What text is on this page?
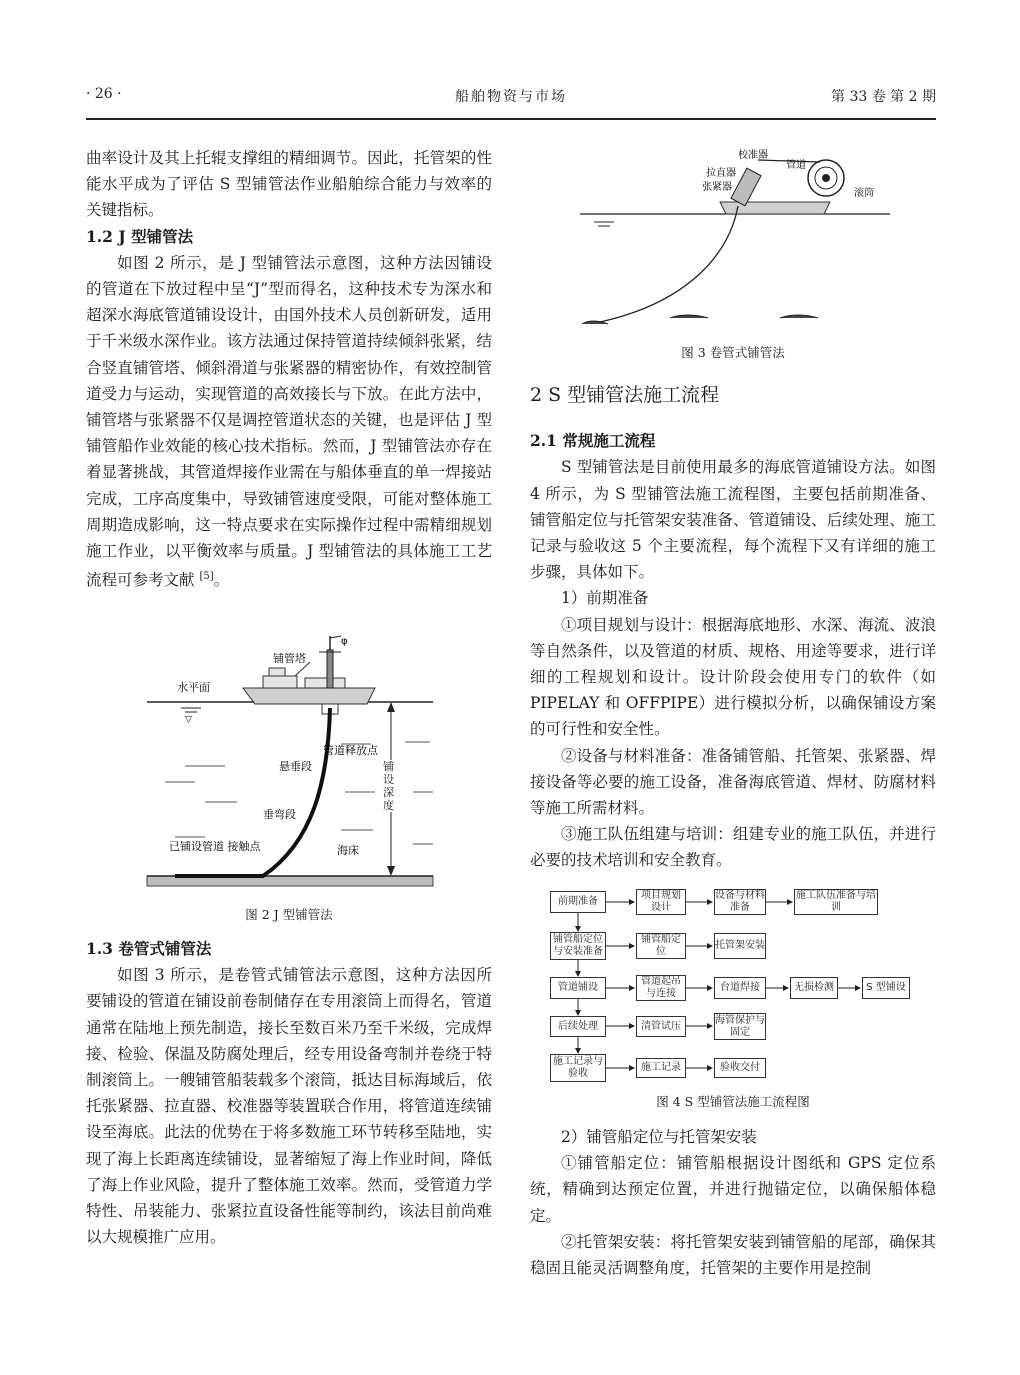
· 26 ·	船舶物资与市场	第 33 卷 第 2 期

曲率设计及其上托辊支撑组的精细调节。因此，托管架的性能水平成为了评估 S 型铺管法作业船舶综合能力与效率的关键指标。

1.2 J 型铺管法

如图 2 所示，是 J 型铺管法示意图，这种方法因铺设的管道在下放过程中呈“J”型而得名，这种技术专为深水和超深水海底管道铺设设计，由国外技术人员创新研发，适用于千米级水深作业。该方法通过保持管道持续倾斜张紧，结合竖直铺管塔、倾斜滑道与张紧器的精密协作，有效控制管道受力与运动，实现管道的高效接长与下放。在此方法中，铺管塔与张紧器不仅是调控管道状态的关键，也是评估 J 型铺管船作业效能的核心技术指标。然而，J 型铺管法亦存在着显著挑战，其管道焊接作业需在与船体垂直的单一焊接站完成，工序高度集中，导致铺管速度受限，可能对整体施工周期造成影响，这一特点要求在实际操作过程中需精细规划施工作业，以平衡效率与质量。J 型铺管法的具体施工工艺流程可参考文献 [5]。

▽
铺管塔
水平面
φ
管道释放点
悬垂段
垂弯段
已铺设管道 接触点	海床
铺设深度
图 2 J 型铺管法

1.3 卷管式铺管法

如图 3 所示，是卷管式铺管法示意图，这种方法因所要铺设的管道在铺设前卷制储存在专用滚筒上而得名，管道通常在陆地上预先制造，接长至数百米乃至千米级，完成焊接、检验、保温及防腐处理后，经专用设备弯制并卷绕于特制滚筒上。一艘铺管船装载多个滚筒，抵达目标海域后，依托张紧器、拉直器、校准器等装置联合作用，将管道连续铺设至海底。此法的优势在于将多数施工环节转移至陆地，实现了海上长距离连续铺设，显著缩短了海上作业时间，降低了海上作业风险，提升了整体施工效率。然而，受管道力学特性、吊装能力、张紧拉直设备性能等制约，该法目前尚难以大规模推广应用。

校准器
管道
拉直器
张紧器
滚筒
图 3 卷管式铺管法

2 S 型铺管法施工流程

2.1 常规施工流程

S 型铺管法是目前使用最多的海底管道铺设方法。如图 4 所示，为 S 型铺管法施工流程图，主要包括前期准备、铺管船定位与托管架安装准备、管道铺设、后续处理、施工记录与验收这 5 个主要流程，每个流程下又有详细的施工步骤，具体如下。

1）前期准备

①项目规划与设计：根据海底地形、水深、海流、波浪等自然条件，以及管道的材质、规格、用途等要求，进行详细的工程规划和设计。设计阶段会使用专门的软件（如 PIPELAY 和 OFFPIPE）进行模拟分析，以确保铺设方案的可行性和安全性。

②设备与材料准备：准备铺管船、托管架、张紧器、焊接设备等必要的施工设备，准备海底管道、焊材、防腐材料等施工所需材料。

③施工队伍组建与培训：组建专业的施工队伍，并进行必要的技术培训和安全教育。

前期准备
项目规划设计
设备与材料准备
施工队伍准备与培训
铺管船定位与安装准备
铺管船定位
托管架安装
管道铺设
管道起吊与连接
台道焊接	无损检测	S 型铺设
后续处理	清管试压
海管保护与固定
施工记录与验收
施工记录	验收交付
图 4 S 型铺管法施工流程图

2）铺管船定位与托管架安装

①铺管船定位：铺管船根据设计图纸和 GPS 定位系统，精确到达预定位置，并进行抛锚定位，以确保船体稳定。

②托管架安装：将托管架安装到铺管船的尾部，确保其稳固且能灵活调整角度，托管架的主要作用是控制
